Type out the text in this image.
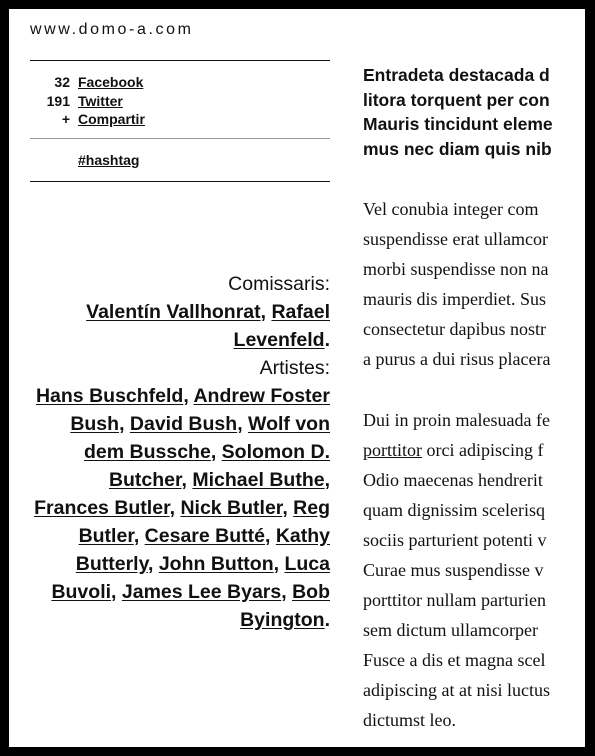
www.domo-a.com
32 Facebook
191 Twitter
+ Compartir
#hashtag
Comissaris:
Valentín Vallhonrat, Rafael Levenfeld.
Artistes:
Hans Buschfeld, Andrew Foster Bush, David Bush, Wolf von dem Bussche, Solomon D. Butcher, Michael Buthe, Frances Butler, Nick Butler, Reg Butler, Cesare Butté, Kathy Butterly, John Button, Luca Buvoli, James Lee Byars, Bob Byington.
Entradeta destacada d
litora torquent per con
Mauris tincidunt eleme
mus nec diam quis nib
Vel conubia integer com
suspendisse erat ullamcor
morbi suspendisse non na
mauris dis imperdiet. Sus
consectetur dapibus nostr
a purus a dui risus placera
Dui in proin malesuada fe
porttitor orci adipiscing f
Odio maecenas hendrerit
quam dignissim scelerisq
sociis parturient potenti v
Curae mus suspendisse v
porttitor nullam parturien
sem dictum ullamcorper
Fusce a dis et magna scel
adipiscing at at nisi luctus
dictumst leo.
